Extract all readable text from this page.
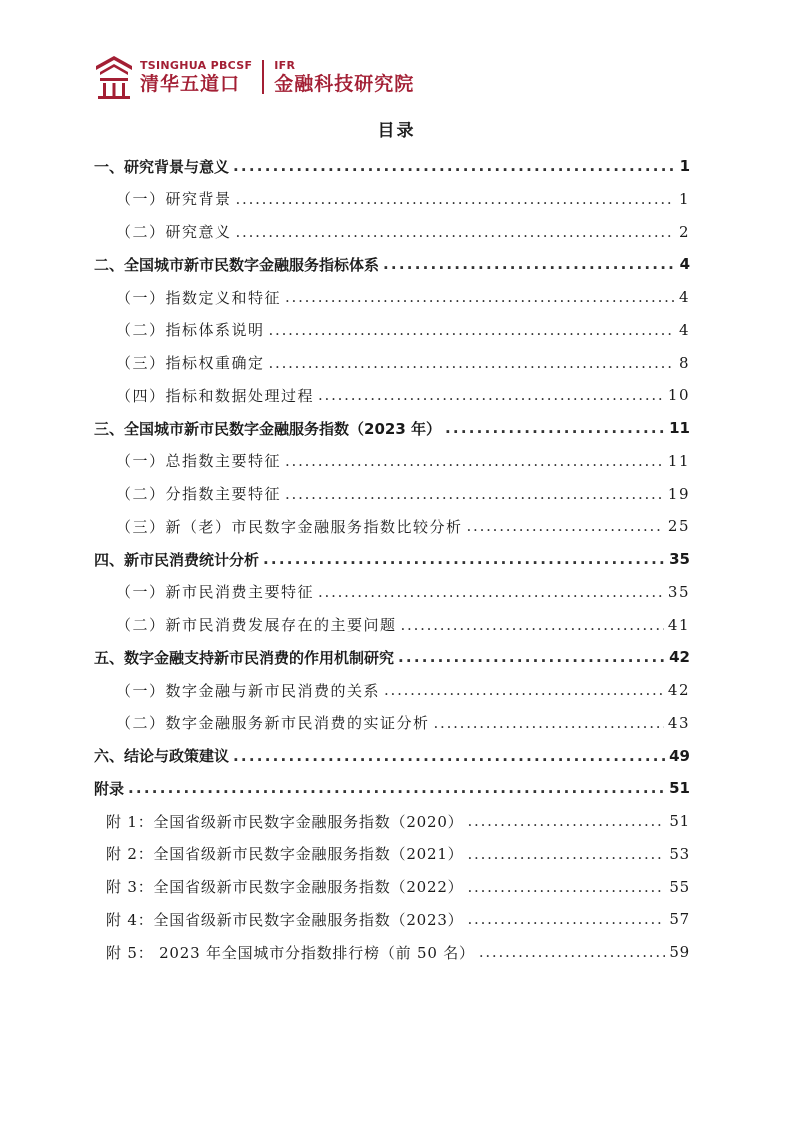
TSINGHUA PBCSF
清华五道口
IFR
金融科技研究院
目录
一、研究背景与意义 . . .	1
（一）研究背景 . . .	1
（二）研究意义 . . .	2
二、全国城市新市民数字金融服务指标体系 . . .	4
（一）指数定义和特征 . . .	4
（二）指标体系说明 . . .	4
（三）指标权重确定 . . .	8
（四）指标和数据处理过程 . . .	10
三、全国城市新市民数字金融服务指数（2023 年） . . .	11
（一）总指数主要特征 . . .	11
（二）分指数主要特征 . . .	19
（三）新（老）市民数字金融服务指数比较分析 . . .	25
四、新市民消费统计分析 . . .	35
（一）新市民消费主要特征 . . .	35
（二）新市民消费发展存在的主要问题 . . .	41
五、数字金融支持新市民消费的作用机制研究 . . .	42
（一）数字金融与新市民消费的关系 . . .	42
（二）数字金融服务新市民消费的实证分析 . . .	43
六、结论与政策建议 . . .	49
附录 . . .	51
附 1：全国省级新市民数字金融服务指数（2020） . . .	51
附 2：全国省级新市民数字金融服务指数（2021） . . .	53
附 3：全国省级新市民数字金融服务指数（2022） . . .	55
附 4：全国省级新市民数字金融服务指数（2023） . . .	57
附 5： 2023 年全国城市分指数排行榜（前 50 名） . . .	59
